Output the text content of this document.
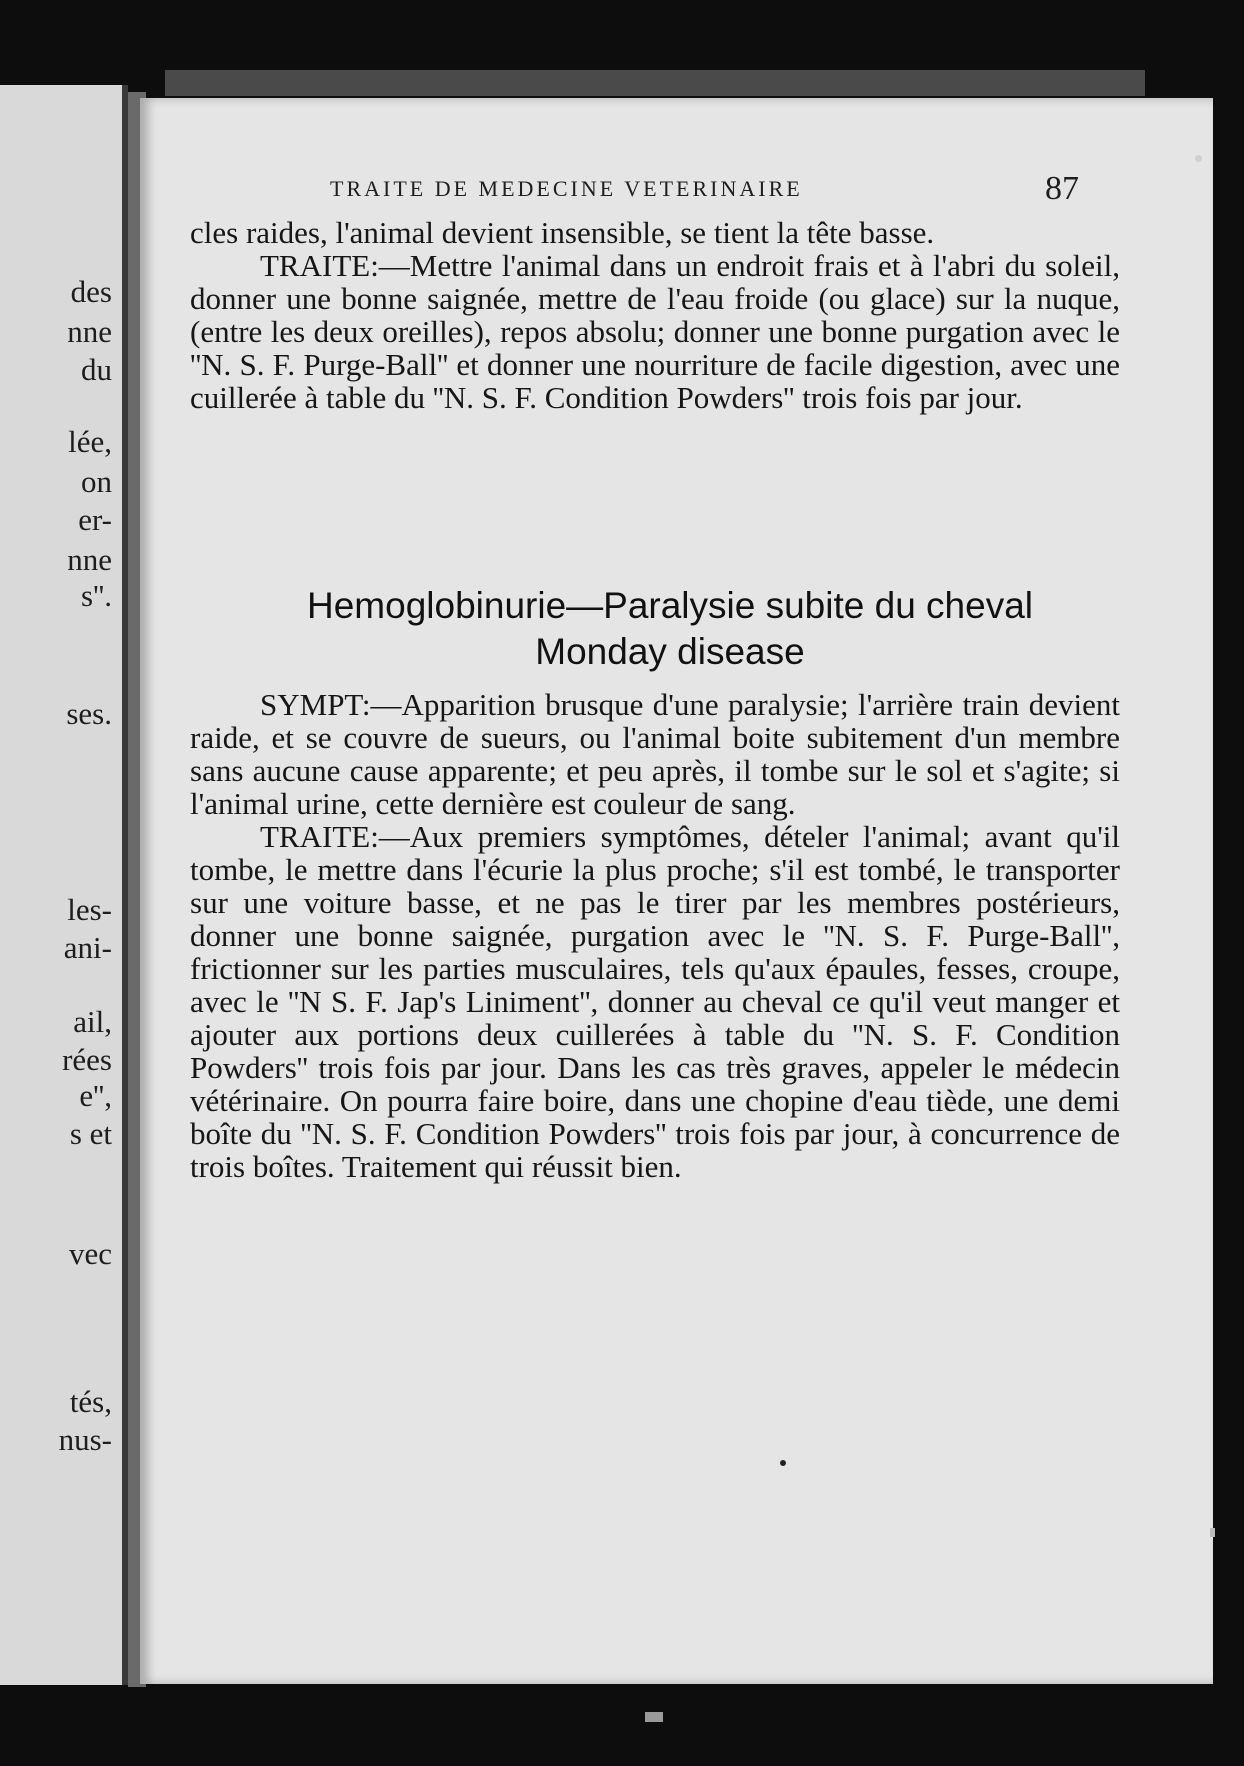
des
nne
du
lée,
on
er-
nne
s''.
ses.
les-
ani-
ail,
rées
e'',
s et
vec
tés,
nus-
TRAITE DE MEDECINE VETERINAIRE	87

cles raides, l'animal devient insensible, se tient la tête basse.

TRAITE:—Mettre l'animal dans un endroit frais et à l'abri du soleil, donner une bonne saignée, mettre de l'eau froide (ou glace) sur la nuque, (entre les deux oreilles), repos absolu; donner une bonne purgation avec le ''N. S. F. Purge-Ball'' et donner une nourriture de facile digestion, avec une cuillerée à table du ''N. S. F. Condition Powders'' trois fois par jour.

Hemoglobinurie—Paralysie subite du cheval
Monday disease

SYMPT:—Apparition brusque d'une paralysie; l'arrière train devient raide, et se couvre de sueurs, ou l'animal boite subitement d'un membre sans aucune cause apparente; et peu après, il tombe sur le sol et s'agite; si l'animal urine, cette dernière est couleur de sang.

TRAITE:—Aux premiers symptômes, dételer l'animal; avant qu'il tombe, le mettre dans l'écurie la plus proche; s'il est tombé, le transporter sur une voiture basse, et ne pas le tirer par les membres postérieurs, donner une bonne saignée, purgation avec le ''N. S. F. Purge-Ball'', frictionner sur les parties musculaires, tels qu'aux épaules, fesses, croupe, avec le ''N S. F. Jap's Liniment'', donner au cheval ce qu'il veut manger et ajouter aux portions deux cuillerées à table du ''N. S. F. Condition Powders'' trois fois par jour. Dans les cas très graves, appeler le médecin vétérinaire. On pourra faire boire, dans une chopine d'eau tiède, une demi boîte du ''N. S. F. Condition Powders'' trois fois par jour, à concurrence de trois boîtes. Traitement qui réussit bien.
